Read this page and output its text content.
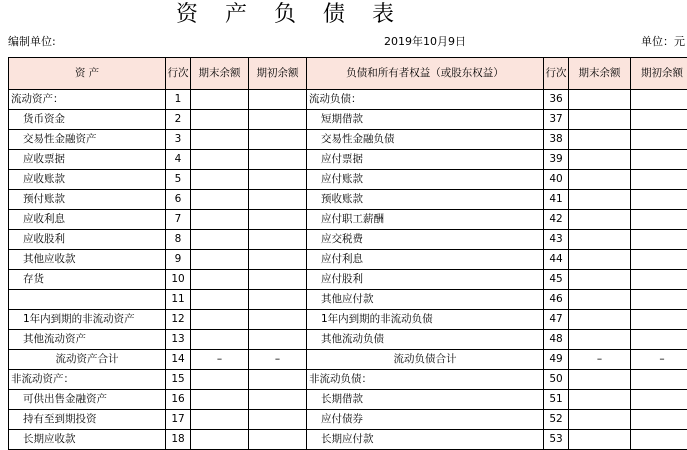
资 产 负 债 表
编制单位:	2019年10月9日	单位：元
资 产	行次	期末余额	期初余额	负债和所有者权益（或股东权益）	行次	期末余额	期初余额
流动资产：	1			流动负债：	36		
货币资金	2			短期借款	37		
交易性金融资产	3			交易性金融负债	38		
应收票据	4			应付票据	39		
应收账款	5			应付账款	40		
预付账款	6			预收账款	41		
应收利息	7			应付职工薪酬	42		
应收股利	8			应交税费	43		
其他应收款	9			应付利息	44		
存货	10			应付股利	45		
	11			其他应付款	46		
1年内到期的非流动资产	12			1年内到期的非流动负债	47		
其他流动资产	13			其他流动负债	48		
流动资产合计	14	–	–	流动负债合计	49	–	–
非流动资产：	15			非流动负债：	50		
可供出售金融资产	16			长期借款	51		
持有至到期投资	17			应付债券	52		
长期应收款	18			长期应付款	53		
